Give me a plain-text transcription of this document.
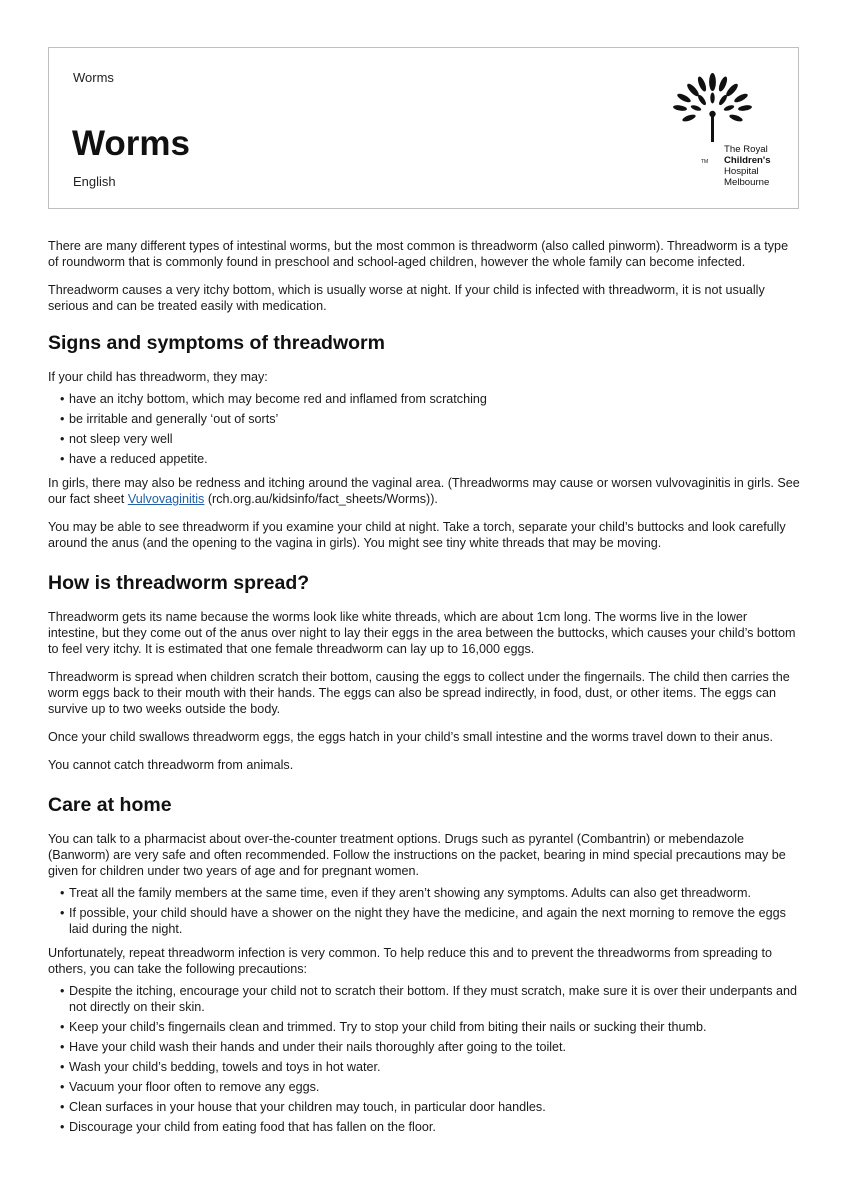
Worms
Worms
English
TM
The Royal
Children's
Hospital
Melbourne

There are many different types of intestinal worms, but the most common is threadworm (also called pinworm). Threadworm is a type of roundworm that is commonly found in preschool and school-aged children, however the whole family can become infected.

Threadworm causes a very itchy bottom, which is usually worse at night. If your child is infected with threadworm, it is not usually serious and can be treated easily with medication.

Signs and symptoms of threadworm

If your child has threadworm, they may:

• have an itchy bottom, which may become red and inflamed from scratching
• be irritable and generally ‘out of sorts’
• not sleep very well
• have a reduced appetite.

In girls, there may also be redness and itching around the vaginal area. (Threadworms may cause or worsen vulvovaginitis in girls. See our fact sheet Vulvovaginitis (rch.org.au/kidsinfo/fact_sheets/Worms)).

You may be able to see threadworm if you examine your child at night. Take a torch, separate your child’s buttocks and look carefully around the anus (and the opening to the vagina in girls). You might see tiny white threads that may be moving.

How is threadworm spread?

Threadworm gets its name because the worms look like white threads, which are about 1cm long. The worms live in the lower intestine, but they come out of the anus over night to lay their eggs in the area between the buttocks, which causes your child’s bottom to feel very itchy. It is estimated that one female threadworm can lay up to 16,000 eggs.

Threadworm is spread when children scratch their bottom, causing the eggs to collect under the fingernails. The child then carries the worm eggs back to their mouth with their hands. The eggs can also be spread indirectly, in food, dust, or other items. The eggs can survive up to two weeks outside the body.

Once your child swallows threadworm eggs, the eggs hatch in your child’s small intestine and the worms travel down to their anus.

You cannot catch threadworm from animals.

Care at home

You can talk to a pharmacist about over-the-counter treatment options. Drugs such as pyrantel (Combantrin) or mebendazole (Banworm) are very safe and often recommended. Follow the instructions on the packet, bearing in mind special precautions may be given for children under two years of age and for pregnant women.

• Treat all the family members at the same time, even if they aren’t showing any symptoms. Adults can also get threadworm.
• If possible, your child should have a shower on the night they have the medicine, and again the next morning to remove the eggs laid during the night.

Unfortunately, repeat threadworm infection is very common. To help reduce this and to prevent the threadworms from spreading to others, you can take the following precautions:

• Despite the itching, encourage your child not to scratch their bottom. If they must scratch, make sure it is over their underpants and not directly on their skin.
• Keep your child’s fingernails clean and trimmed. Try to stop your child from biting their nails or sucking their thumb.
• Have your child wash their hands and under their nails thoroughly after going to the toilet.
• Wash your child’s bedding, towels and toys in hot water.
• Vacuum your floor often to remove any eggs.
• Clean surfaces in your house that your children may touch, in particular door handles.
• Discourage your child from eating food that has fallen on the floor.
